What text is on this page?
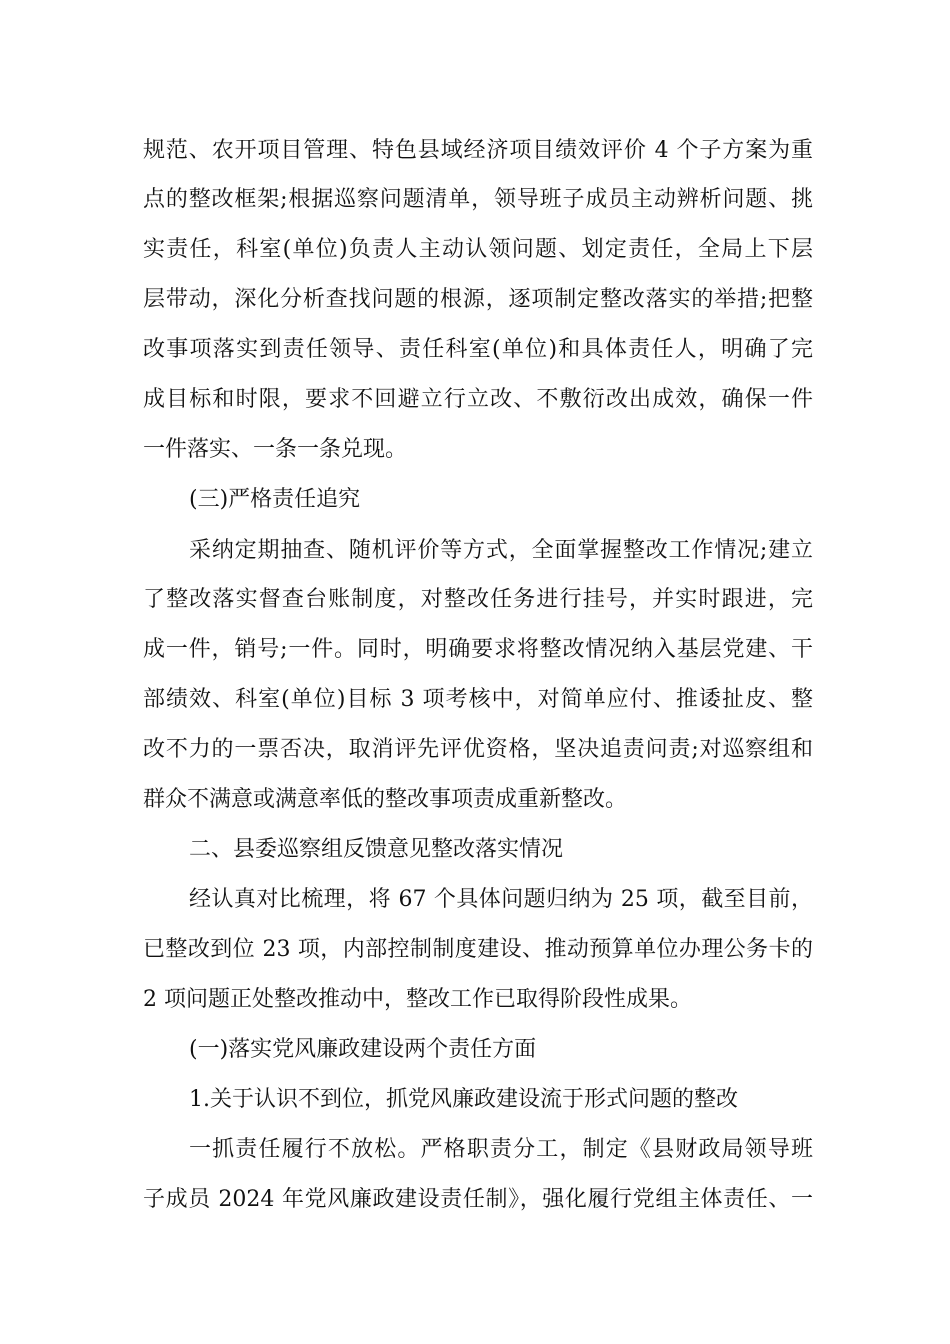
规范、农开项目管理、特色县域经济项目绩效评价 4 个子方案为重
点的整改框架;根据巡察问题清单，领导班子成员主动辨析问题、挑
实责任，科室(单位)负责人主动认领问题、划定责任，全局上下层
层带动，深化分析查找问题的根源，逐项制定整改落实的举措;把整
改事项落实到责任领导、责任科室(单位)和具体责任人，明确了完
成目标和时限，要求不回避立行立改、不敷衍改出成效，确保一件
一件落实、一条一条兑现。
(三)严格责任追究
采纳定期抽查、随机评价等方式，全面掌握整改工作情况;建立
了整改落实督查台账制度，对整改任务进行挂号，并实时跟进，完
成一件，销号;一件。同时，明确要求将整改情况纳入基层党建、干
部绩效、科室(单位)目标 3 项考核中，对简单应付、推诿扯皮、整
改不力的一票否决，取消评先评优资格，坚决追责问责;对巡察组和
群众不满意或满意率低的整改事项责成重新整改。
二、县委巡察组反馈意见整改落实情况
经认真对比梳理，将 67 个具体问题归纳为 25 项，截至目前，
已整改到位 23 项，内部控制制度建设、推动预算单位办理公务卡的
2 项问题正处整改推动中，整改工作已取得阶段性成果。
(一)落实党风廉政建设两个责任方面
1.关于认识不到位，抓党风廉政建设流于形式问题的整改
一抓责任履行不放松。严格职责分工，制定《县财政局领导班
子成员 2024 年党风廉政建设责任制》，强化履行党组主体责任、一
